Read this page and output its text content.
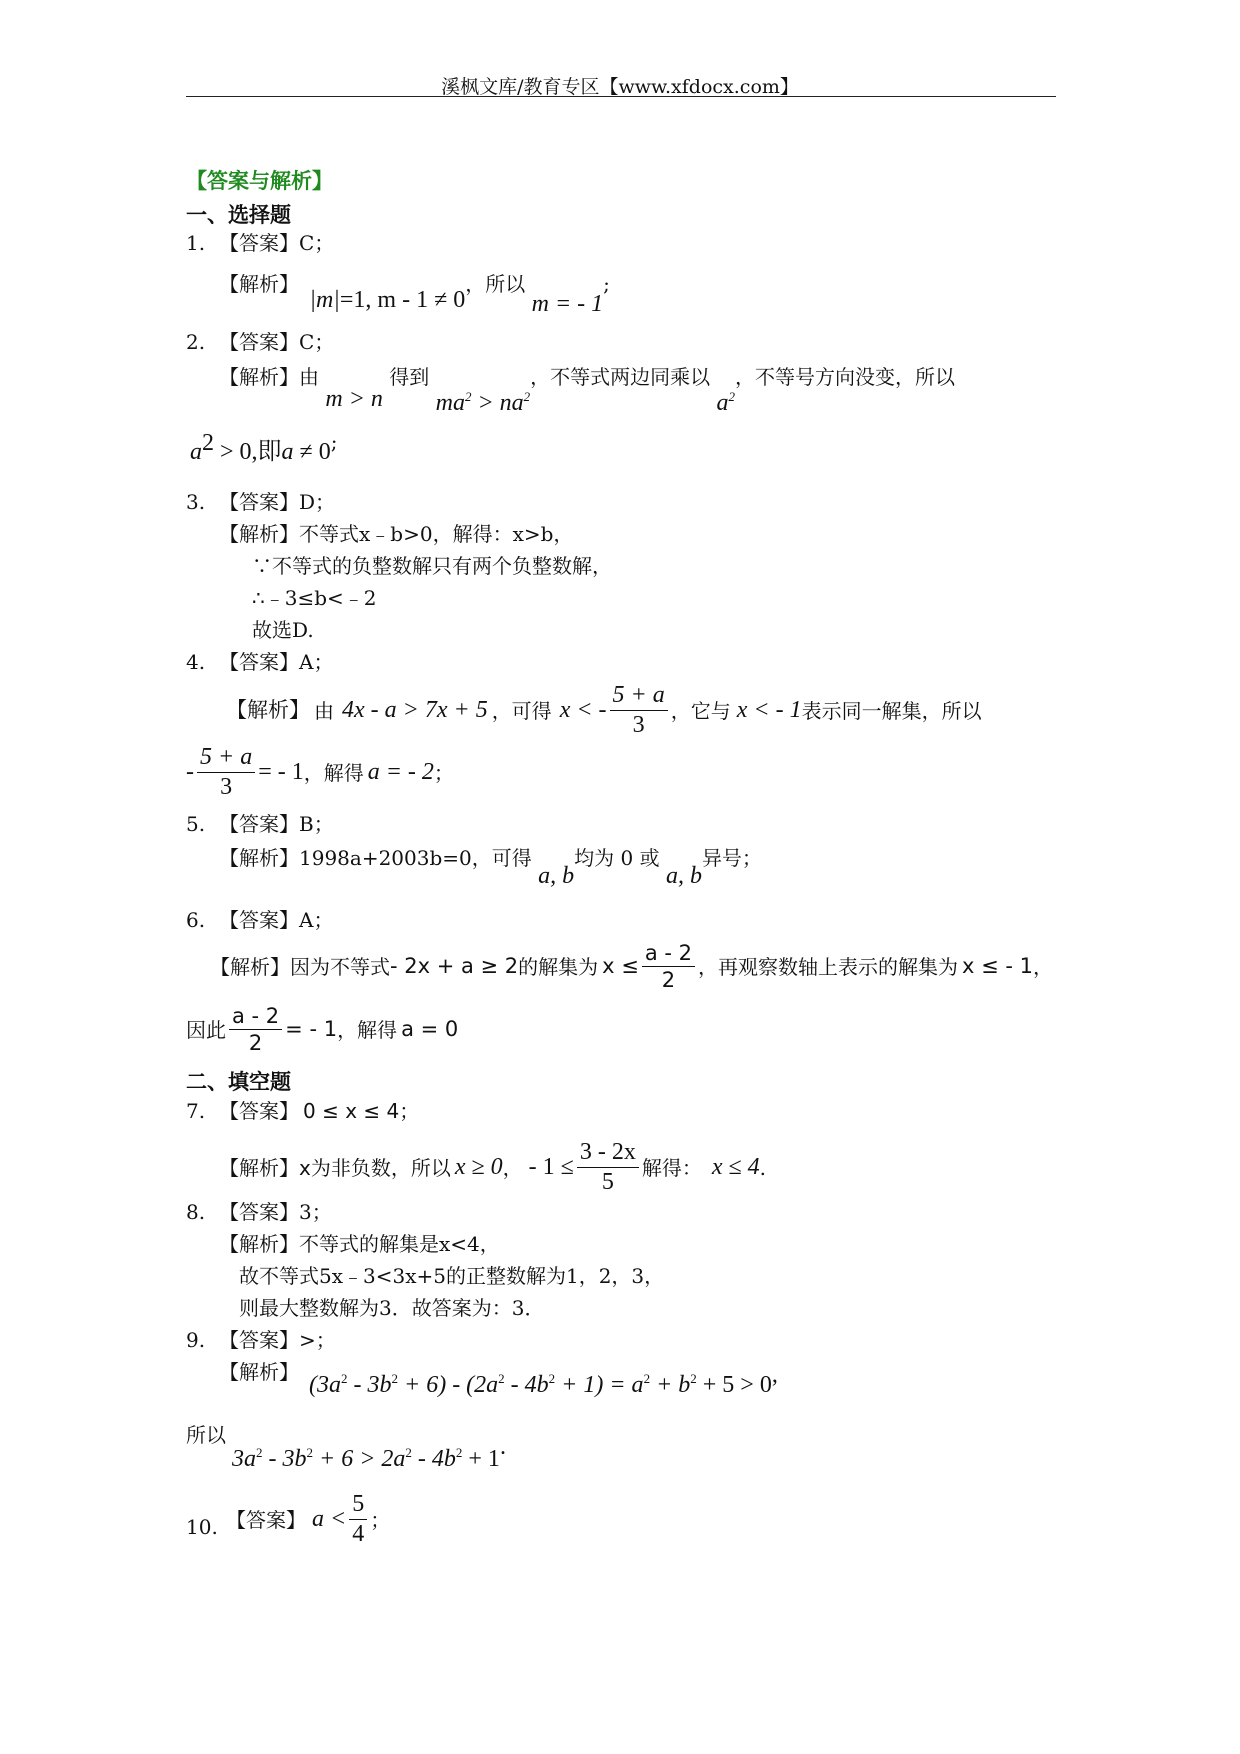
溪枫文库/教育专区【www.xfdocx.com】
【答案与解析】
一、选择题
1. 【答案】C；
【解析】 |m|=1, m - 1 ≠ 0，所以 m = - 1;
2. 【答案】C；
【解析】由 m > n 得到 $ma^2 > na^2$，不等式两边同乘以 $a^2$，不等号方向没变，所以
$a^2 > 0$,即a ≠ 0;
3. 【答案】D；
【解析】不等式x﹣b>0，解得：x>b，
∵不等式的负整数解只有两个负整数解，
∴﹣3≤b<﹣2
故选D.
4. 【答案】A；
【解析】 由 4x - a > 7x + 5 ，可得 x < - $\frac{5 + a}{3}$ ，它与 x < - 1 表示同一解集，所以
- $\frac{5 + a}{3}$ = - 1 ，解得 a = - 2 ；
5. 【答案】B；
【解析】1998a+2003b=0，可得 a, b均为 0 或 a, b异号；
6. 【答案】A；
【解析】 因为不等式 - 2x + a ≥ 2 的解集为 $x \le \frac{a - 2}{2}$ ，再观察数轴上表示的解集为 x ≤ - 1 ，
因此 $\frac{a - 2}{2}$ = - 1 ，解得 a = 0
二、填空题
7. 【答案】 0 ≤ x ≤ 4；
【解析】 x 为非负数，所以 x ≥ 0 ， - $1 \le \frac{3 - 2x}{5}$ 解得： x ≤ 4 .
8. 【答案】3；
【解析】不等式的解集是x<4，
故不等式5x﹣3<3x+5的正整数解为1，2，3，
则最大整数解为3．故答案为：3．
9. 【答案】>；
【解析】 $(3a^2 - 3b^2 + 6) - (2a^2 - 4b^2 + 1) = a^2 + b^2 + 5 > 0$,
所以
$3a^2 - 3b^2 + 6 > 2a^2 - 4b^2 + 1$.
10. 【答案】 $a < \frac{5}{4}$ ；
